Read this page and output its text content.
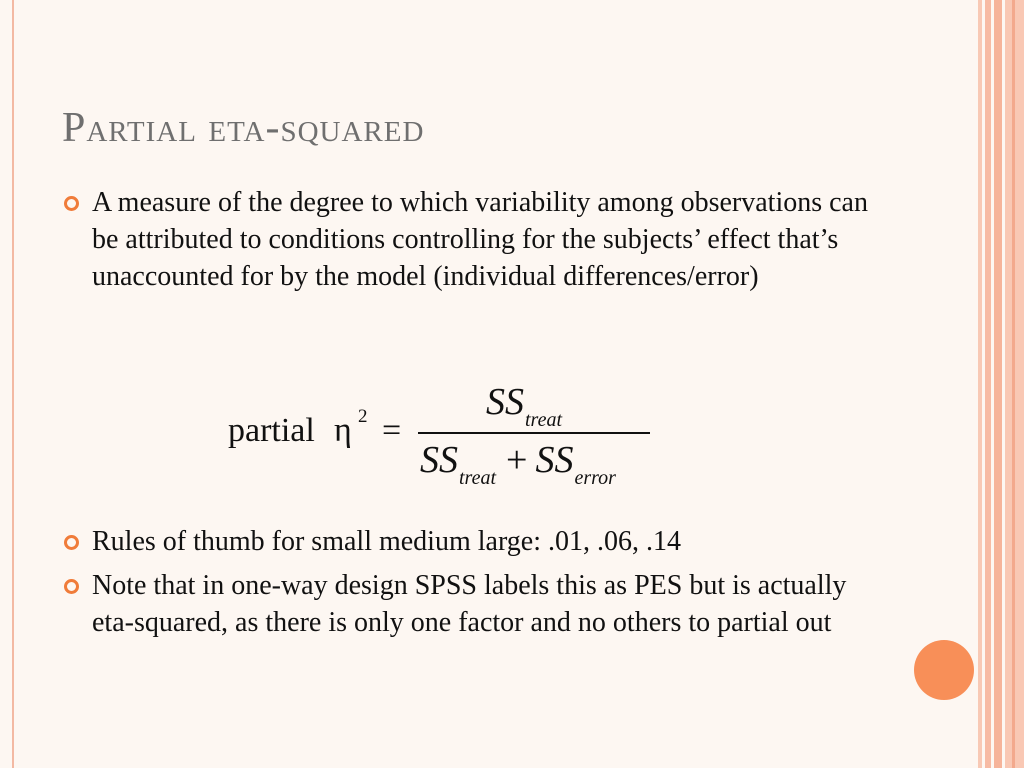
Partial eta-squared
A measure of the degree to which variability among observations can be attributed to conditions controlling for the subjects’ effect that’s unaccounted for by the model (individual differences/error)
partial η 2 =
$SS_{treat}$
$SS_{treat} + SS_{error}$
Rules of thumb for small medium large: .01, .06, .14
Note that in one-way design SPSS labels this as PES but is actually eta-squared, as there is only one factor and no others to partial out
